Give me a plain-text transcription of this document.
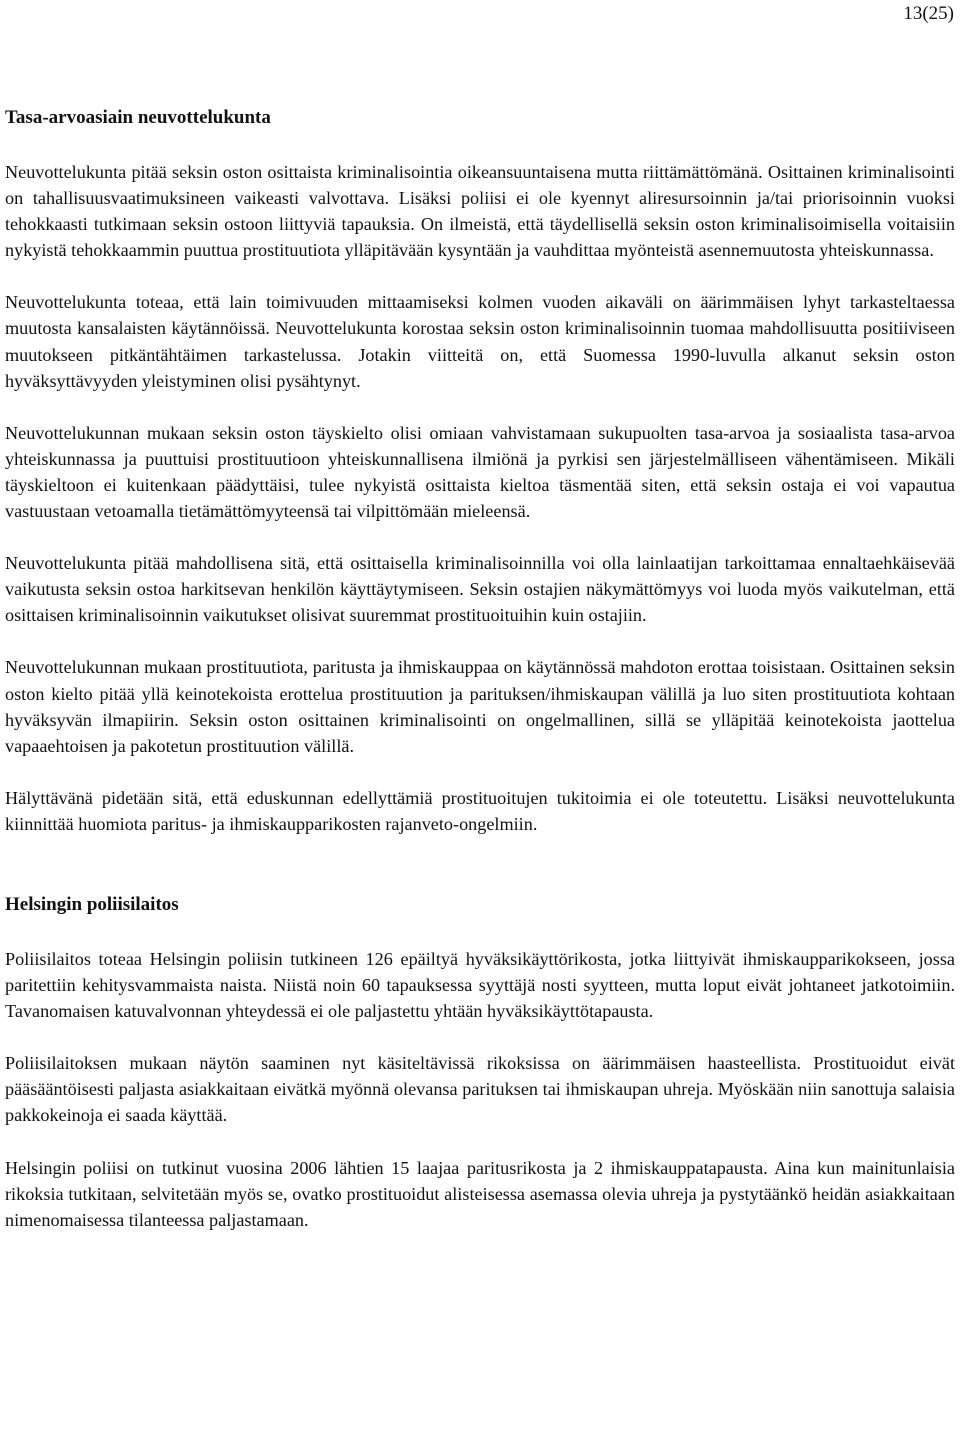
13(25)

Tasa-arvoasiain neuvottelukunta

Neuvottelukunta pitää seksin oston osittaista kriminalisointia oikeansuuntaisena mutta riittämättömänä. Osittainen kriminalisointi on tahallisuusvaatimuksineen vaikeasti valvottava. Lisäksi poliisi ei ole kyennyt aliresursoinnin ja/tai priorisoinnin vuoksi tehokkaasti tutkimaan seksin ostoon liittyviä tapauksia. On ilmeistä, että täydellisellä seksin oston kriminalisoimisella voitaisiin nykyistä tehokkaammin puuttua prostituutiota ylläpitävään kysyntään ja vauhdittaa myönteistä asennemuutosta yhteiskunnassa.

Neuvottelukunta toteaa, että lain toimivuuden mittaamiseksi kolmen vuoden aikaväli on äärimmäisen lyhyt tarkasteltaessa muutosta kansalaisten käytännöissä. Neuvottelukunta korostaa seksin oston kriminalisoinnin tuomaa mahdollisuutta positiiviseen muutokseen pitkäntähtäimen tarkastelussa. Jotakin viitteitä on, että Suomessa 1990-luvulla alkanut seksin oston hyväksyttävyyden yleistyminen olisi pysähtynyt.

Neuvottelukunnan mukaan seksin oston täyskielto olisi omiaan vahvistamaan sukupuolten tasa-arvoa ja sosiaalista tasa-arvoa yhteiskunnassa ja puuttuisi prostituutioon yhteiskunnallisena ilmiönä ja pyrkisi sen järjestelmälliseen vähentämiseen. Mikäli täyskieltoon ei kuitenkaan päädyttäisi, tulee nykyistä osittaista kieltoa täsmentää siten, että seksin ostaja ei voi vapautua vastuustaan vetoamalla tietämättömyyteensä tai vilpittömään mieleensä.

Neuvottelukunta pitää mahdollisena sitä, että osittaisella kriminalisoinnilla voi olla lainlaatijan tarkoittamaa ennaltaehkäisevää vaikutusta seksin ostoa harkitsevan henkilön käyttäytymiseen. Seksin ostajien näkymättömyys voi luoda myös vaikutelman, että osittaisen kriminalisoinnin vaikutukset olisivat suuremmat prostituoituihin kuin ostajiin.

Neuvottelukunnan mukaan prostituutiota, paritusta ja ihmiskauppaa on käytännössä mahdoton erottaa toisistaan. Osittainen seksin oston kielto pitää yllä keinotekoista erottelua prostituution ja parituksen/ihmiskaupan välillä ja luo siten prostituutiota kohtaan hyväksyvän ilmapiirin. Seksin oston osittainen kriminalisointi on ongelmallinen, sillä se ylläpitää keinotekoista jaottelua vapaaehtoisen ja pakotetun prostituution välillä.

Hälyttävänä pidetään sitä, että eduskunnan edellyttämiä prostituoitujen tukitoimia ei ole toteutettu. Lisäksi neuvottelukunta kiinnittää huomiota paritus- ja ihmiskaupparikosten rajanveto-ongelmiin.

Helsingin poliisilaitos

Poliisilaitos toteaa Helsingin poliisin tutkineen 126 epäiltyä hyväksikäyttörikosta, jotka liittyivät ihmiskaupparikokseen, jossa paritettiin kehitysvammaista naista. Niistä noin 60 tapauksessa syyttäjä nosti syytteen, mutta loput eivät johtaneet jatkotoimiin. Tavanomaisen katuvalvonnan yhteydessä ei ole paljastettu yhtään hyväksikäyttötapausta.

Poliisilaitoksen mukaan näytön saaminen nyt käsiteltävissä rikoksissa on äärimmäisen haasteellista. Prostituoidut eivät pääsääntöisesti paljasta asiakkaitaan eivätkä myönnä olevansa parituksen tai ihmiskaupan uhreja. Myöskään niin sanottuja salaisia pakkokeinoja ei saada käyttää.

Helsingin poliisi on tutkinut vuosina 2006 lähtien 15 laajaa paritusrikosta ja 2 ihmiskauppatapausta. Aina kun mainitunlaisia rikoksia tutkitaan, selvitetään myös se, ovatko prostituoidut alisteisessa asemassa olevia uhreja ja pystytäänkö heidän asiakkaitaan nimenomaisessa tilanteessa paljastamaan.
